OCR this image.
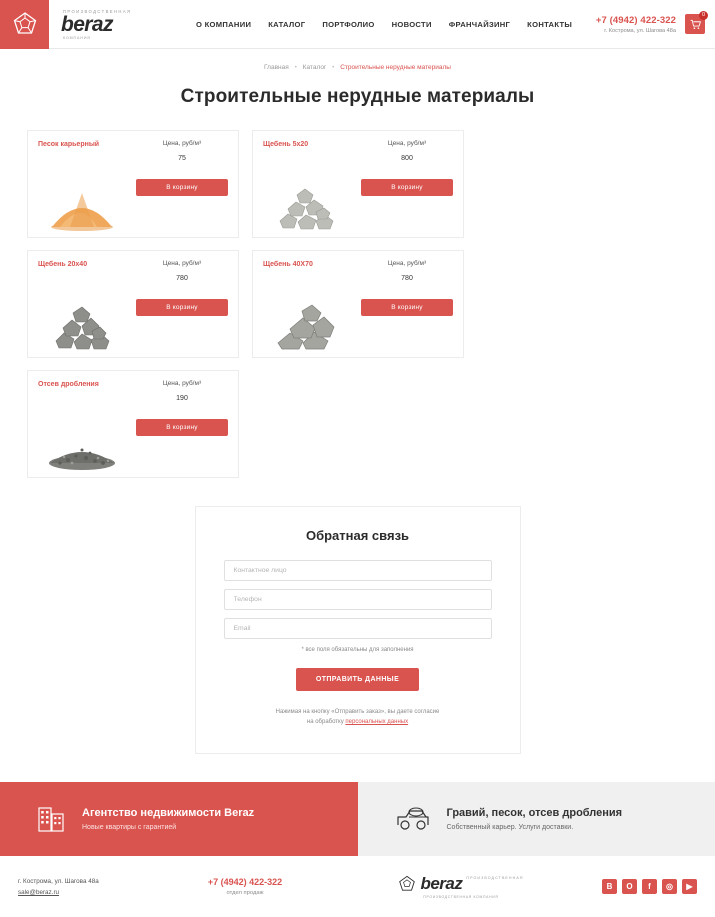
ПРОИЗВОДСТВЕННАЯ
beraz
КОМПАНИЯ
О КОМПАНИИ КАТАЛОГ ПОРТФОЛИО НОВОСТИ ФРАНЧАЙЗИНГ КОНТАКТЫ +7 (4942) 422-322
г. Кострома, ул. Шагова 48а
0
Главная • Каталог • Строительные нерудные материалы
Строительные нерудные материалы
Песок карьерный	Цена, руб/м³
75
В корзину
Щебень 5х20	Цена, руб/м³
800
В корзину
Щебень 20х40	Цена, руб/м³
780
В корзину
Щебень 40Х70	Цена, руб/м³
780
В корзину
Отсев дробления	Цена, руб/м³
190
В корзину
Обратная связь
Контактное лицо
Телефон
Email
* все поля обязательны для заполнения
ОТПРАВИТЬ ДАННЫЕ
Нажимая на кнопку «Отправить заказ», вы даете согласие
на обработку персональных данных
Агентство недвижимости Beraz
Новые квартиры с гарантией
Гравий, песок, отсев дробления
Собственный карьер. Услуги доставки.
г. Кострома, ул. Шагова 48а
sale@beraz.ru
+7 (4942) 422-322
отдел продаж	beraz ПРОИЗВОДСТВЕННАЯ
ПРОИЗВОДСТВЕННАЯ КОМПАНИЯ
В	О	f	◎	▶
